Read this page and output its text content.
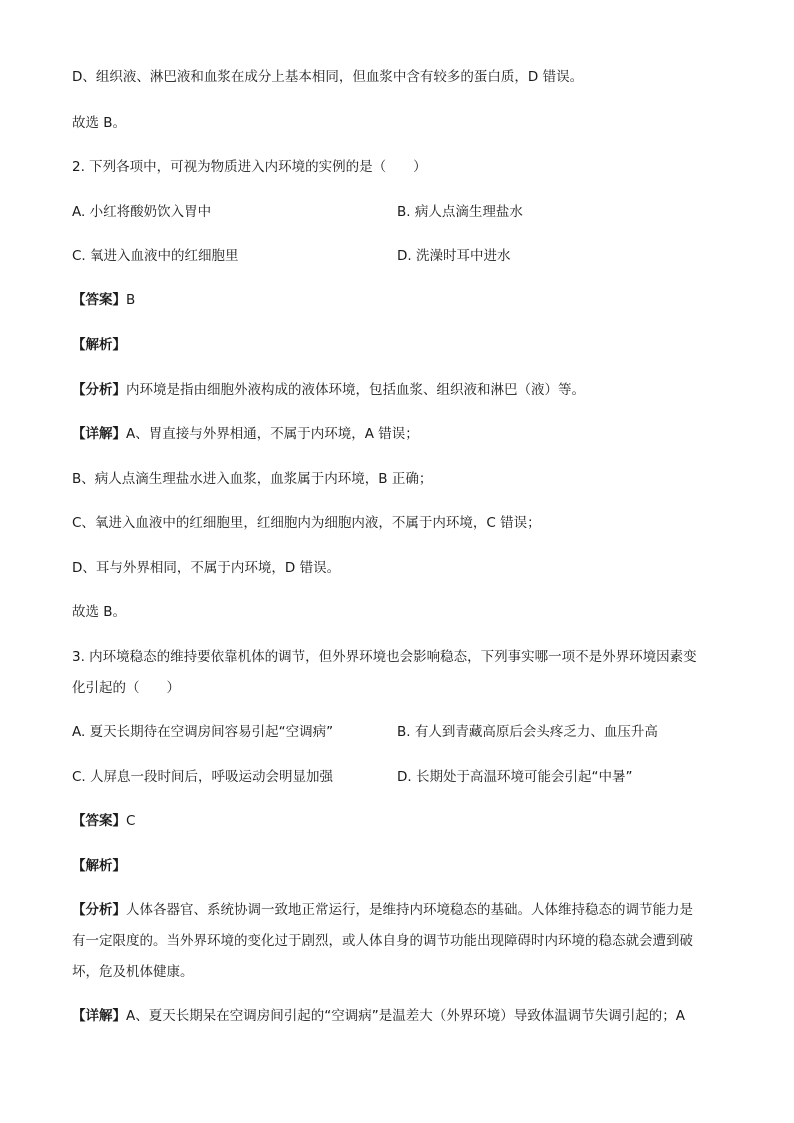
D、组织液、淋巴液和血浆在成分上基本相同，但血浆中含有较多的蛋白质，D 错误。
故选 B。
2. 下列各项中，可视为物质进入内环境的实例的是（　　）
A. 小红将酸奶饮入胃中	B. 病人点滴生理盐水
C. 氧进入血液中的红细胞里	D. 洗澡时耳中进水
【答案】B
【解析】
【分析】内环境是指由细胞外液构成的液体环境，包括血浆、组织液和淋巴（液）等。
【详解】A、胃直接与外界相通，不属于内环境，A 错误；
B、病人点滴生理盐水进入血浆，血浆属于内环境，B 正确；
C、氧进入血液中的红细胞里，红细胞内为细胞内液，不属于内环境，C 错误；
D、耳与外界相同，不属于内环境，D 错误。
故选 B。
3. 内环境稳态的维持要依靠机体的调节，但外界环境也会影响稳态，下列事实哪一项不是外界环境因素变
化引起的（　　）
A. 夏天长期待在空调房间容易引起“空调病”	B. 有人到青藏高原后会头疼乏力、血压升高
C. 人屏息一段时间后，呼吸运动会明显加强	D. 长期处于高温环境可能会引起“中暑”
【答案】C
【解析】
【分析】人体各器官、系统协调一致地正常运行，是维持内环境稳态的基础。人体维持稳态的调节能力是
有一定限度的。当外界环境的变化过于剧烈，或人体自身的调节功能出现障碍时内环境的稳态就会遭到破
坏，危及机体健康。
【详解】A、夏天长期呆在空调房间引起的“空调病”是温差大（外界环境）导致体温调节失调引起的；A
